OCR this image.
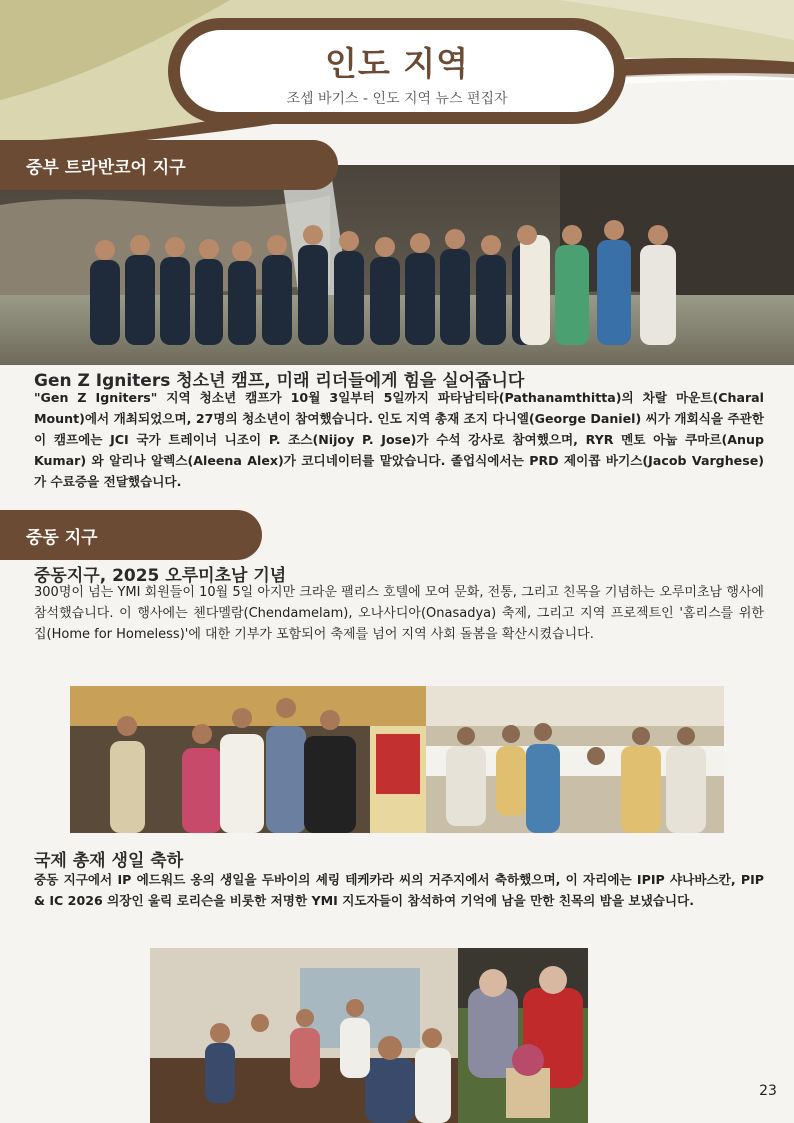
인도 지역
조셉 바기스 - 인도 지역 뉴스 편집자
중부 트라반코어 지구
Gen Z Igniters 청소년 캠프, 미래 리더들에게 힘을 실어줍니다
"Gen Z Igniters" 지역 청소년 캠프가 10월 3일부터 5일까지 파타남티타(Pathanamthitta)의 차랄 마운트(Charal Mount)에서 개최되었으며, 27명의 청소년이 참여했습니다. 인도 지역 총재 조지 다니엘(George Daniel) 씨가 개회식을 주관한 이 캠프에는 JCI 국가 트레이너 니조이 P. 조스(Nijoy P. Jose)가 수석 강사로 참여했으며, RYR 멘토 아눕 쿠마르(Anup Kumar) 와 알리나 알렉스(Aleena Alex)가 코디네이터를 맡았습니다. 졸업식에서는 PRD 제이콥 바기스(Jacob Varghese)가 수료증을 전달했습니다.
중동 지구
중동지구, 2025 오루미초남 기념
300명이 넘는 YMI 회원들이 10월 5일 아지만 크라운 팰리스 호텔에 모여 문화, 전통, 그리고 친목을 기념하는 오루미초남 행사에 참석했습니다. 이 행사에는 첸다멜람(Chendamelam), 오나사디아(Onasadya) 축제, 그리고 지역 프로젝트인 '홈리스를 위한 집(Home for Homeless)'에 대한 기부가 포함되어 축제를 넘어 지역 사회 돌봄을 확산시켰습니다.
국제 총재 생일 축하
중동 지구에서 IP 에드워드 옹의 생일을 두바이의 셰링 테케카라 씨의 거주지에서 축하했으며, 이 자리에는 IPIP 샤나바스칸, PIP & IC 2026 의장인 울릭 로리슨을 비롯한 저명한 YMI 지도자들이 참석하여 기억에 남을 만한 친목의 밤을 보냈습니다.
23
